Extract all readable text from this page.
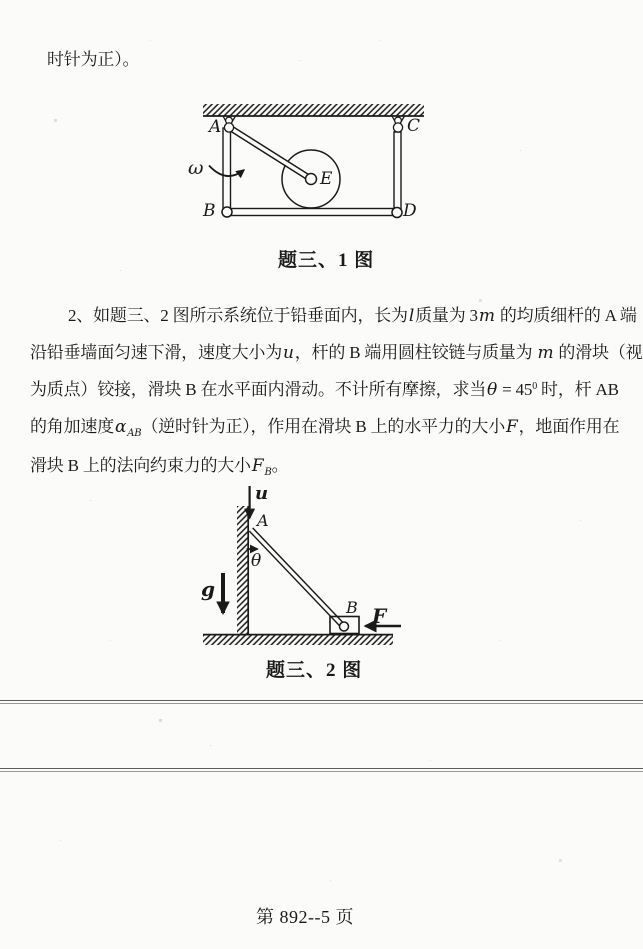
时针为正）。
A	C
B	D
E
ω
题三、1 图
2、如题三、2 图所示系统位于铅垂面内，长为l质量为 3m 的均质细杆的 A 端
沿铅垂墙面匀速下滑，速度大小为u，杆的 B 端用圆柱铰链与质量为 m 的滑块（视
为质点）铰接，滑块 B 在水平面内滑动。不计所有摩擦，求当$\theta = 45^0$ 时，杆 AB
的角加速度$\alpha_{AB}$（逆时针为正），作用在滑块 B 上的水平力的大小F，地面作用在
滑块 B 上的法向约束力的大小$F_B$。
u
A
θ
g
B F
题三、2 图
第 892--5 页
